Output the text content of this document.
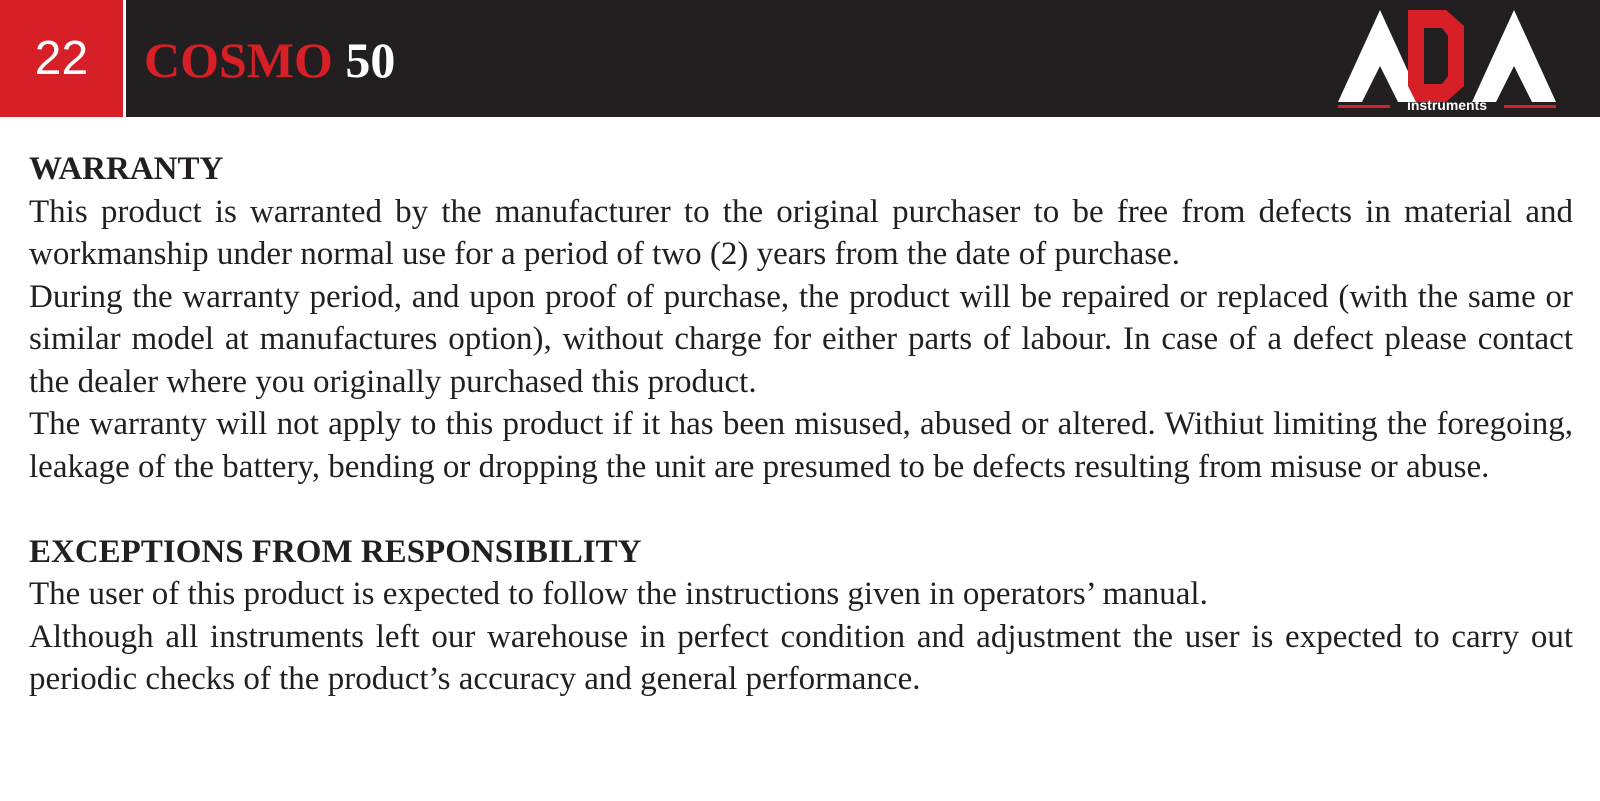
22	COSMO 50
instruments
WARRANTY

This product is warranted by the manufacturer to the original purchaser to be free from defects in material and workmanship under normal use for a period of two (2) years from the date of purchase.

During the warranty period, and upon proof of purchase, the product will be repaired or replaced (with the same or similar model at manufactures option), without charge for either parts of labour. In case of a defect please contact the dealer where you originally purchased this product.

The warranty will not apply to this product if it has been misused, abused or altered. Withiut limiting the foregoing, leakage of the battery, bending or dropping the unit are presumed to be defects resulting from misuse or abuse.

EXCEPTIONS FROM RESPONSIBILITY

The user of this product is expected to follow the instructions given in operators’ manual.

Although all instruments left our warehouse in perfect condition and adjustment the user is expected to carry out periodic checks of the product’s accuracy and general performance.
